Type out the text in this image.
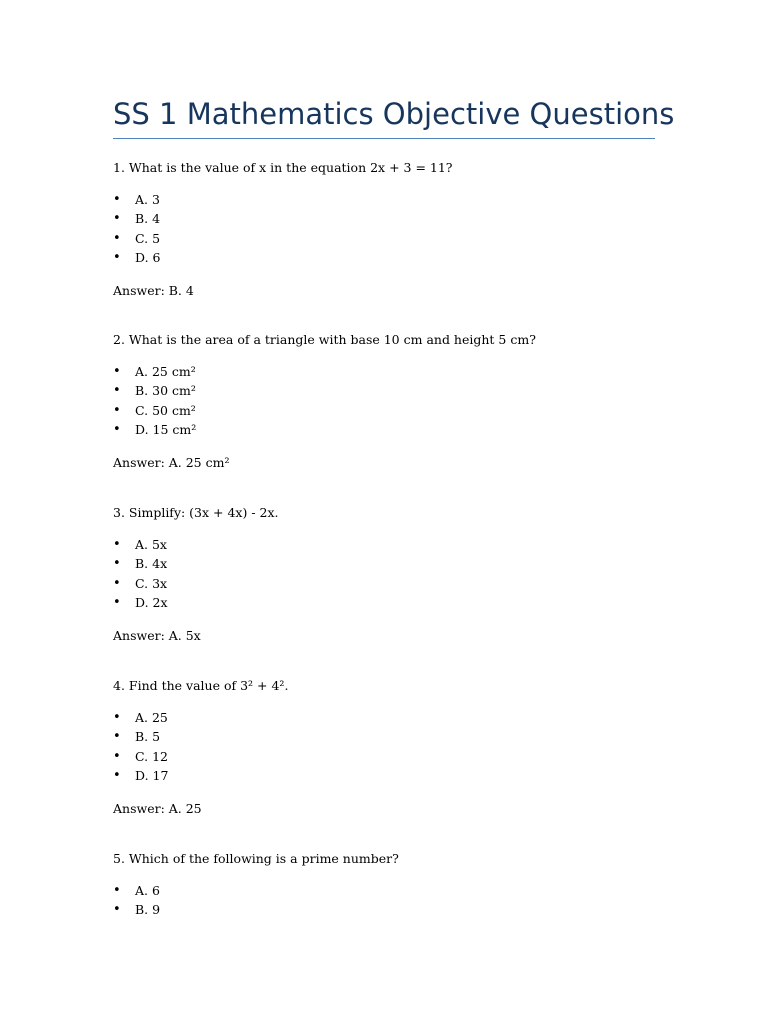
SS 1 Mathematics Objective Questions

1. What is the value of x in the equation 2x + 3 = 11?

• A. 3
• B. 4
• C. 5
• D. 6

Answer: B. 4

2. What is the area of a triangle with base 10 cm and height 5 cm?

• A. 25 cm²
• B. 30 cm²
• C. 50 cm²
• D. 15 cm²

Answer: A. 25 cm²

3. Simplify: (3x + 4x) - 2x.

• A. 5x
• B. 4x
• C. 3x
• D. 2x

Answer: A. 5x

4. Find the value of 3² + 4².

• A. 25
• B. 5
• C. 12
• D. 17

Answer: A. 25

5. Which of the following is a prime number?

• A. 6
• B. 9
